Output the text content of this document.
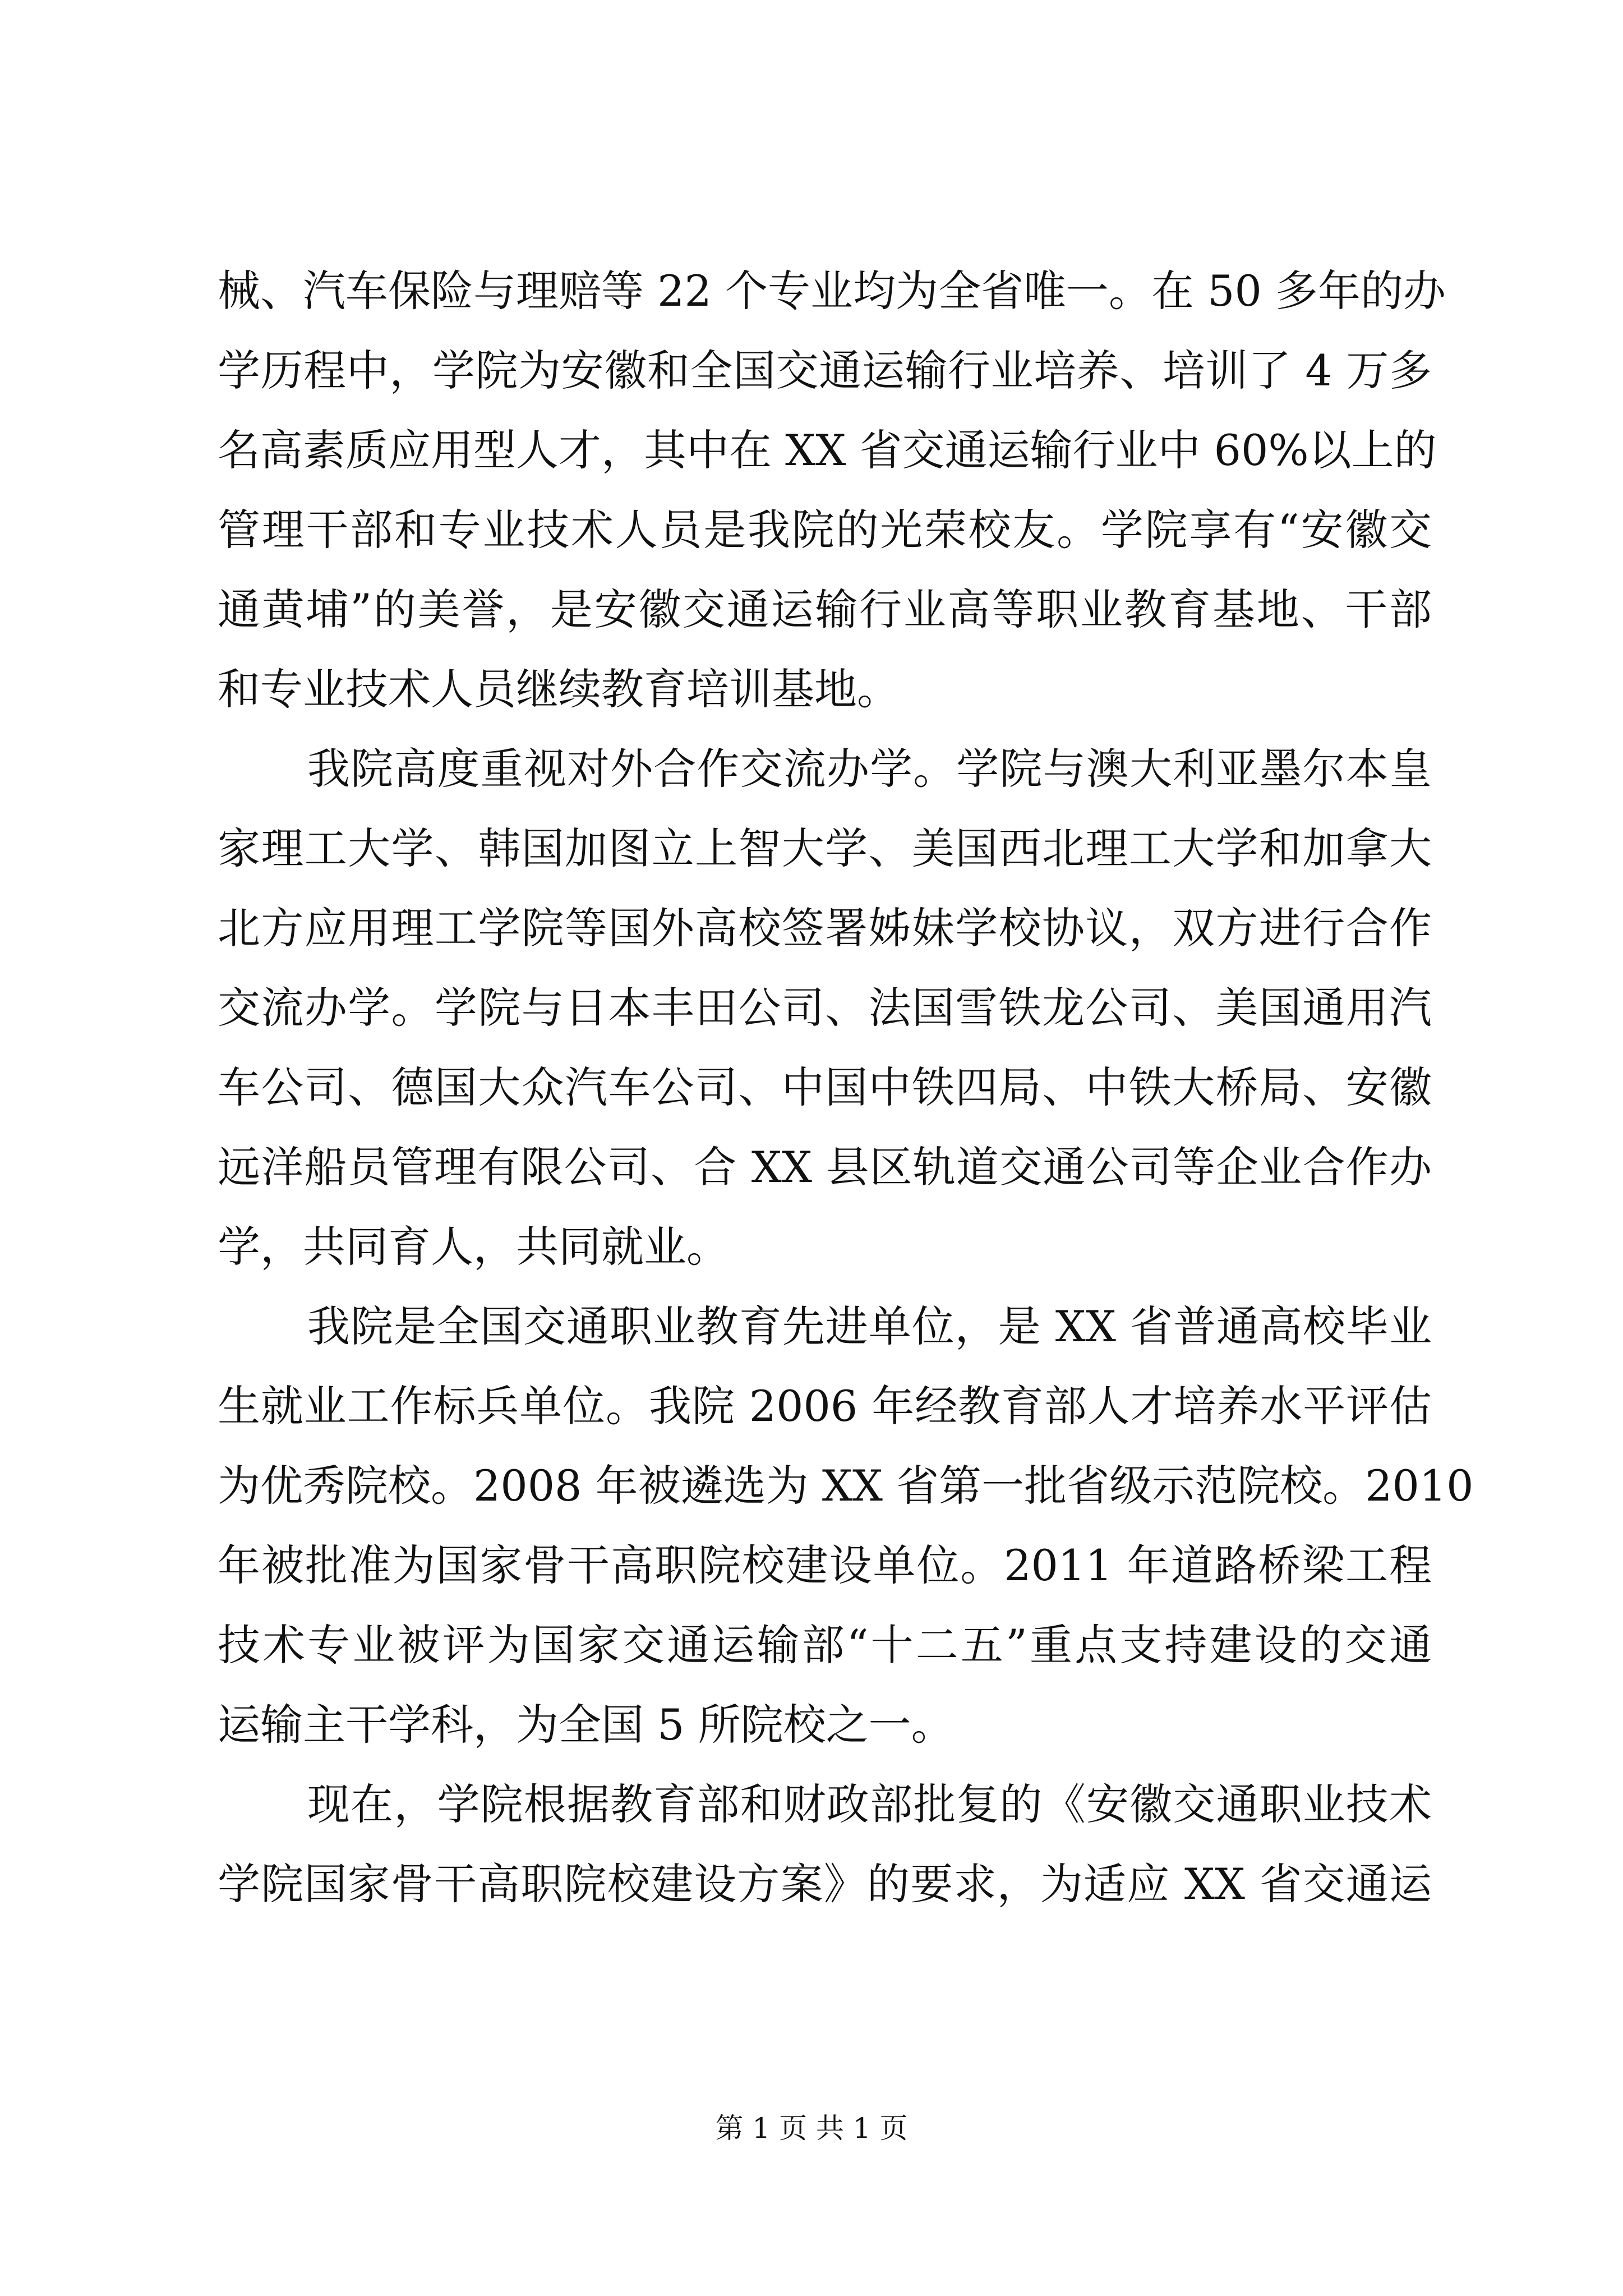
械、汽车保险与理赔等 22 个专业均为全省唯一。在 50 多年的办
学历程中，学院为安徽和全国交通运输行业培养、培训了 4 万多
名高素质应用型人才，其中在 XX 省交通运输行业中 60%以上的
管理干部和专业技术人员是我院的光荣校友。学院享有“安徽交
通黄埔”的美誉，是安徽交通运输行业高等职业教育基地、干部
和专业技术人员继续教育培训基地。
我院高度重视对外合作交流办学。学院与澳大利亚墨尔本皇
家理工大学、韩国加图立上智大学、美国西北理工大学和加拿大
北方应用理工学院等国外高校签署姊妹学校协议，双方进行合作
交流办学。学院与日本丰田公司、法国雪铁龙公司、美国通用汽
车公司、德国大众汽车公司、中国中铁四局、中铁大桥局、安徽
远洋船员管理有限公司、合 XX 县区轨道交通公司等企业合作办
学，共同育人，共同就业。
我院是全国交通职业教育先进单位，是 XX 省普通高校毕业
生就业工作标兵单位。我院 2006 年经教育部人才培养水平评估
为优秀院校。2008 年被遴选为 XX 省第一批省级示范院校。2010
年被批准为国家骨干高职院校建设单位。2011 年道路桥梁工程
技术专业被评为国家交通运输部“十二五”重点支持建设的交通
运输主干学科，为全国 5 所院校之一。
现在，学院根据教育部和财政部批复的《安徽交通职业技术
学院国家骨干高职院校建设方案》的要求，为适应 XX 省交通运
第 1 页 共 1 页
